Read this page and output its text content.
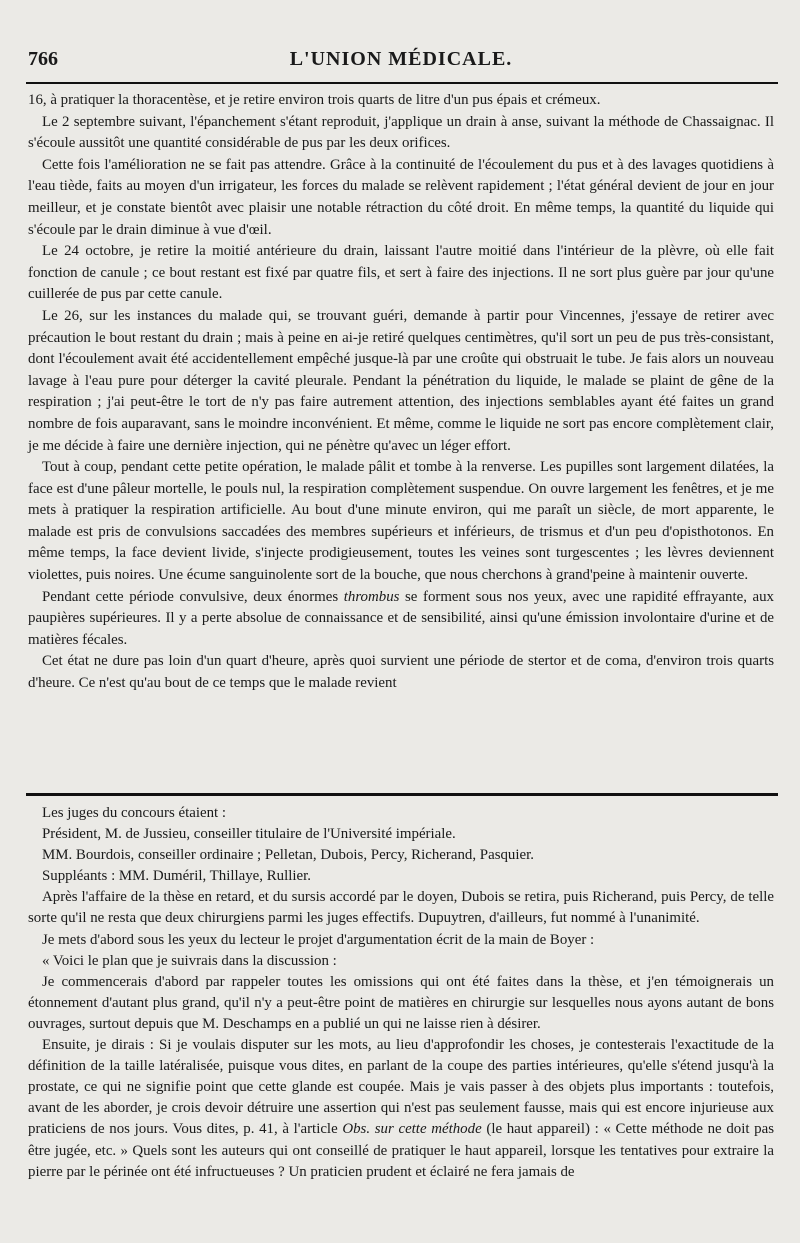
766	L'UNION MÉDICALE.

16, à pratiquer la thoracentèse, et je retire environ trois quarts de litre d'un pus épais et crémeux.

Le 2 septembre suivant, l'épanchement s'étant reproduit, j'applique un drain à anse, suivant la méthode de Chassaignac. Il s'écoule aussitôt une quantité considérable de pus par les deux orifices.

Cette fois l'amélioration ne se fait pas attendre. Grâce à la continuité de l'écoulement du pus et à des lavages quotidiens à l'eau tiède, faits au moyen d'un irrigateur, les forces du malade se relèvent rapidement ; l'état général devient de jour en jour meilleur, et je constate bientôt avec plaisir une notable rétraction du côté droit. En même temps, la quantité du liquide qui s'écoule par le drain diminue à vue d'œil.

Le 24 octobre, je retire la moitié antérieure du drain, laissant l'autre moitié dans l'intérieur de la plèvre, où elle fait fonction de canule ; ce bout restant est fixé par quatre fils, et sert à faire des injections. Il ne sort plus guère par jour qu'une cuillerée de pus par cette canule.

Le 26, sur les instances du malade qui, se trouvant guéri, demande à partir pour Vincennes, j'essaye de retirer avec précaution le bout restant du drain ; mais à peine en ai-je retiré quelques centimètres, qu'il sort un peu de pus très-consistant, dont l'écoulement avait été accidentellement empêché jusque-là par une croûte qui obstruait le tube. Je fais alors un nouveau lavage à l'eau pure pour déterger la cavité pleurale. Pendant la pénétration du liquide, le malade se plaint de gêne de la respiration ; j'ai peut-être le tort de n'y pas faire autrement attention, des injections semblables ayant été faites un grand nombre de fois auparavant, sans le moindre inconvénient. Et même, comme le liquide ne sort pas encore complètement clair, je me décide à faire une dernière injection, qui ne pénètre qu'avec un léger effort.

Tout à coup, pendant cette petite opération, le malade pâlit et tombe à la renverse. Les pupilles sont largement dilatées, la face est d'une pâleur mortelle, le pouls nul, la respiration complètement suspendue. On ouvre largement les fenêtres, et je me mets à pratiquer la respiration artificielle. Au bout d'une minute environ, qui me paraît un siècle, de mort apparente, le malade est pris de convulsions saccadées des membres supérieurs et inférieurs, de trismus et d'un peu d'opisthotonos. En même temps, la face devient livide, s'injecte prodigieusement, toutes les veines sont turgescentes ; les lèvres deviennent violettes, puis noires. Une écume sanguinolente sort de la bouche, que nous cherchons à grand'peine à maintenir ouverte.

Pendant cette période convulsive, deux énormes thrombus se forment sous nos yeux, avec une rapidité effrayante, aux paupières supérieures. Il y a perte absolue de connaissance et de sensibilité, ainsi qu'une émission involontaire d'urine et de matières fécales.

Cet état ne dure pas loin d'un quart d'heure, après quoi survient une période de stertor et de coma, d'environ trois quarts d'heure. Ce n'est qu'au bout de ce temps que le malade revient

Les juges du concours étaient :

Président, M. de Jussieu, conseiller titulaire de l'Université impériale.

MM. Bourdois, conseiller ordinaire ; Pelletan, Dubois, Percy, Richerand, Pasquier.

Suppléants : MM. Duméril, Thillaye, Rullier.

Après l'affaire de la thèse en retard, et du sursis accordé par le doyen, Dubois se retira, puis Richerand, puis Percy, de telle sorte qu'il ne resta que deux chirurgiens parmi les juges effectifs. Dupuytren, d'ailleurs, fut nommé à l'unanimité.

Je mets d'abord sous les yeux du lecteur le projet d'argumentation écrit de la main de Boyer :

« Voici le plan que je suivrais dans la discussion :

Je commencerais d'abord par rappeler toutes les omissions qui ont été faites dans la thèse, et j'en témoignerais un étonnement d'autant plus grand, qu'il n'y a peut-être point de matières en chirurgie sur lesquelles nous ayons autant de bons ouvrages, surtout depuis que M. Deschamps en a publié un qui ne laisse rien à désirer.

Ensuite, je dirais : Si je voulais disputer sur les mots, au lieu d'approfondir les choses, je contesterais l'exactitude de la définition de la taille latéralisée, puisque vous dites, en parlant de la coupe des parties intérieures, qu'elle s'étend jusqu'à la prostate, ce qui ne signifie point que cette glande est coupée. Mais je vais passer à des objets plus importants : toutefois, avant de les aborder, je crois devoir détruire une assertion qui n'est pas seulement fausse, mais qui est encore injurieuse aux praticiens de nos jours. Vous dites, p. 41, à l'article Obs. sur cette méthode (le haut appareil) : « Cette méthode ne doit pas être jugée, etc. » Quels sont les auteurs qui ont conseillé de pratiquer le haut appareil, lorsque les tentatives pour extraire la pierre par le périnée ont été infructueuses ? Un praticien prudent et éclairé ne fera jamais de
